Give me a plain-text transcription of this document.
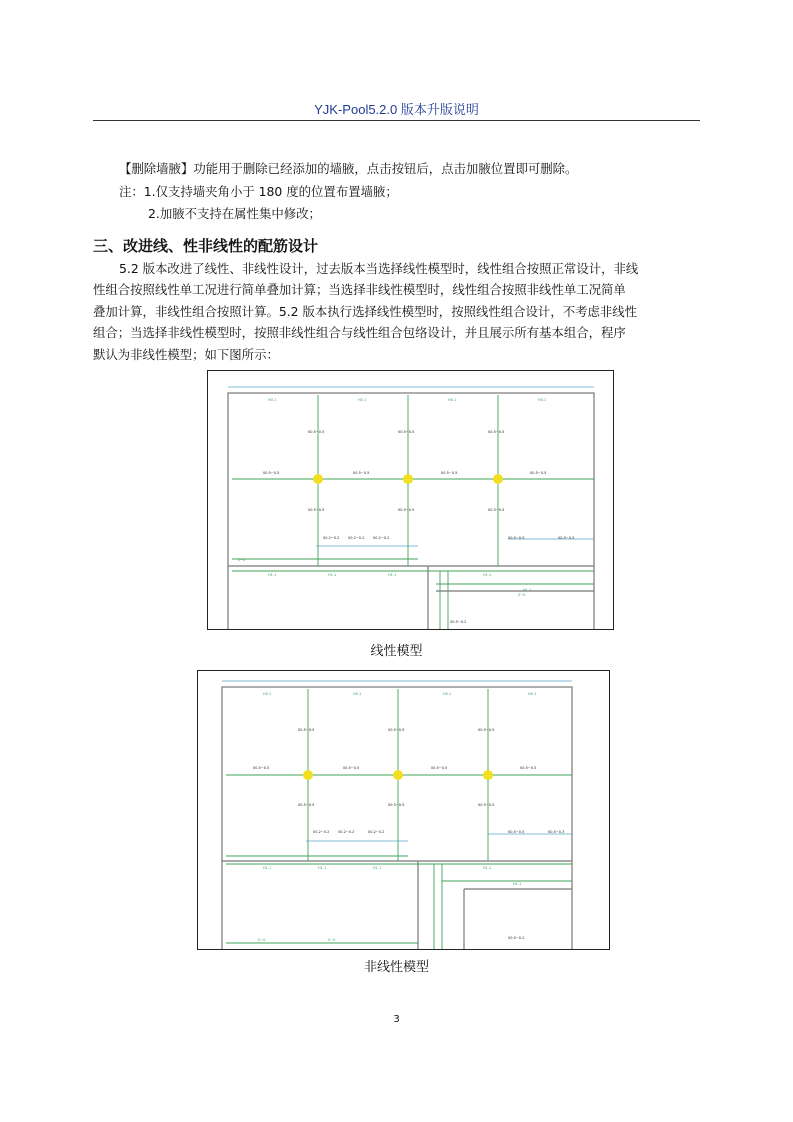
YJK-Pool5.2.0 版本升版说明
【删除墙腋】功能用于删除已经添加的墙腋，点击按钮后，点击加腋位置即可删除。
注：1.仅支持墙夹角小于 180 度的位置布置墙腋；
2.加腋不支持在属性集中修改；
三、改进线、性非线性的配筋设计
5.2 版本改进了线性、非线性设计，过去版本当选择线性模型时，线性组合按照正常设计，非线
性组合按照线性单工况进行简单叠加计算；当选择非线性模型时，线性组合按照非线性单工况简单
叠加计算，非线性组合按照计算。5.2 版本执行选择线性模型时，按照线性组合设计，不考虑非线性
组合；当选择非线性模型时，按照非线性组合与线性组合包络设计，并且展示所有基本组合，程序
默认为非线性模型；如下图所示：
00.5~0.5	00.5~0.5	00.5~0.5
00.5~0.5	00.5~0.5	00.5~0.5	00.5~0.5
00.5~0.5	00.5~0.5	00.5~0.5
00.2~0.2 00.2~0.2 00.2~0.2	00.5~0.5	00.5~0.5
00.5~0.2
H0.1	H0.1	H0.1	H0.1
H1.1	H1.1	H1.1	H1.1
H1.1
0~0
0~0
线性模型
00.5~0.5	00.5~0.5	00.5~0.5
00.5~0.5	00.5~0.5	00.5~0.5	00.5~0.5
00.5~0.5	00.5~0.5	00.5~0.5
00.2~0.2 00.2~0.2	00.2~0.2	00.5~0.5	00.5~0.3
00.5~0.2
H0.1	H0.1	H0.1	H0.1
H1.1	H1.1	H1.1	H1.1
H1.1
0~0	0~0
非线性模型
3
